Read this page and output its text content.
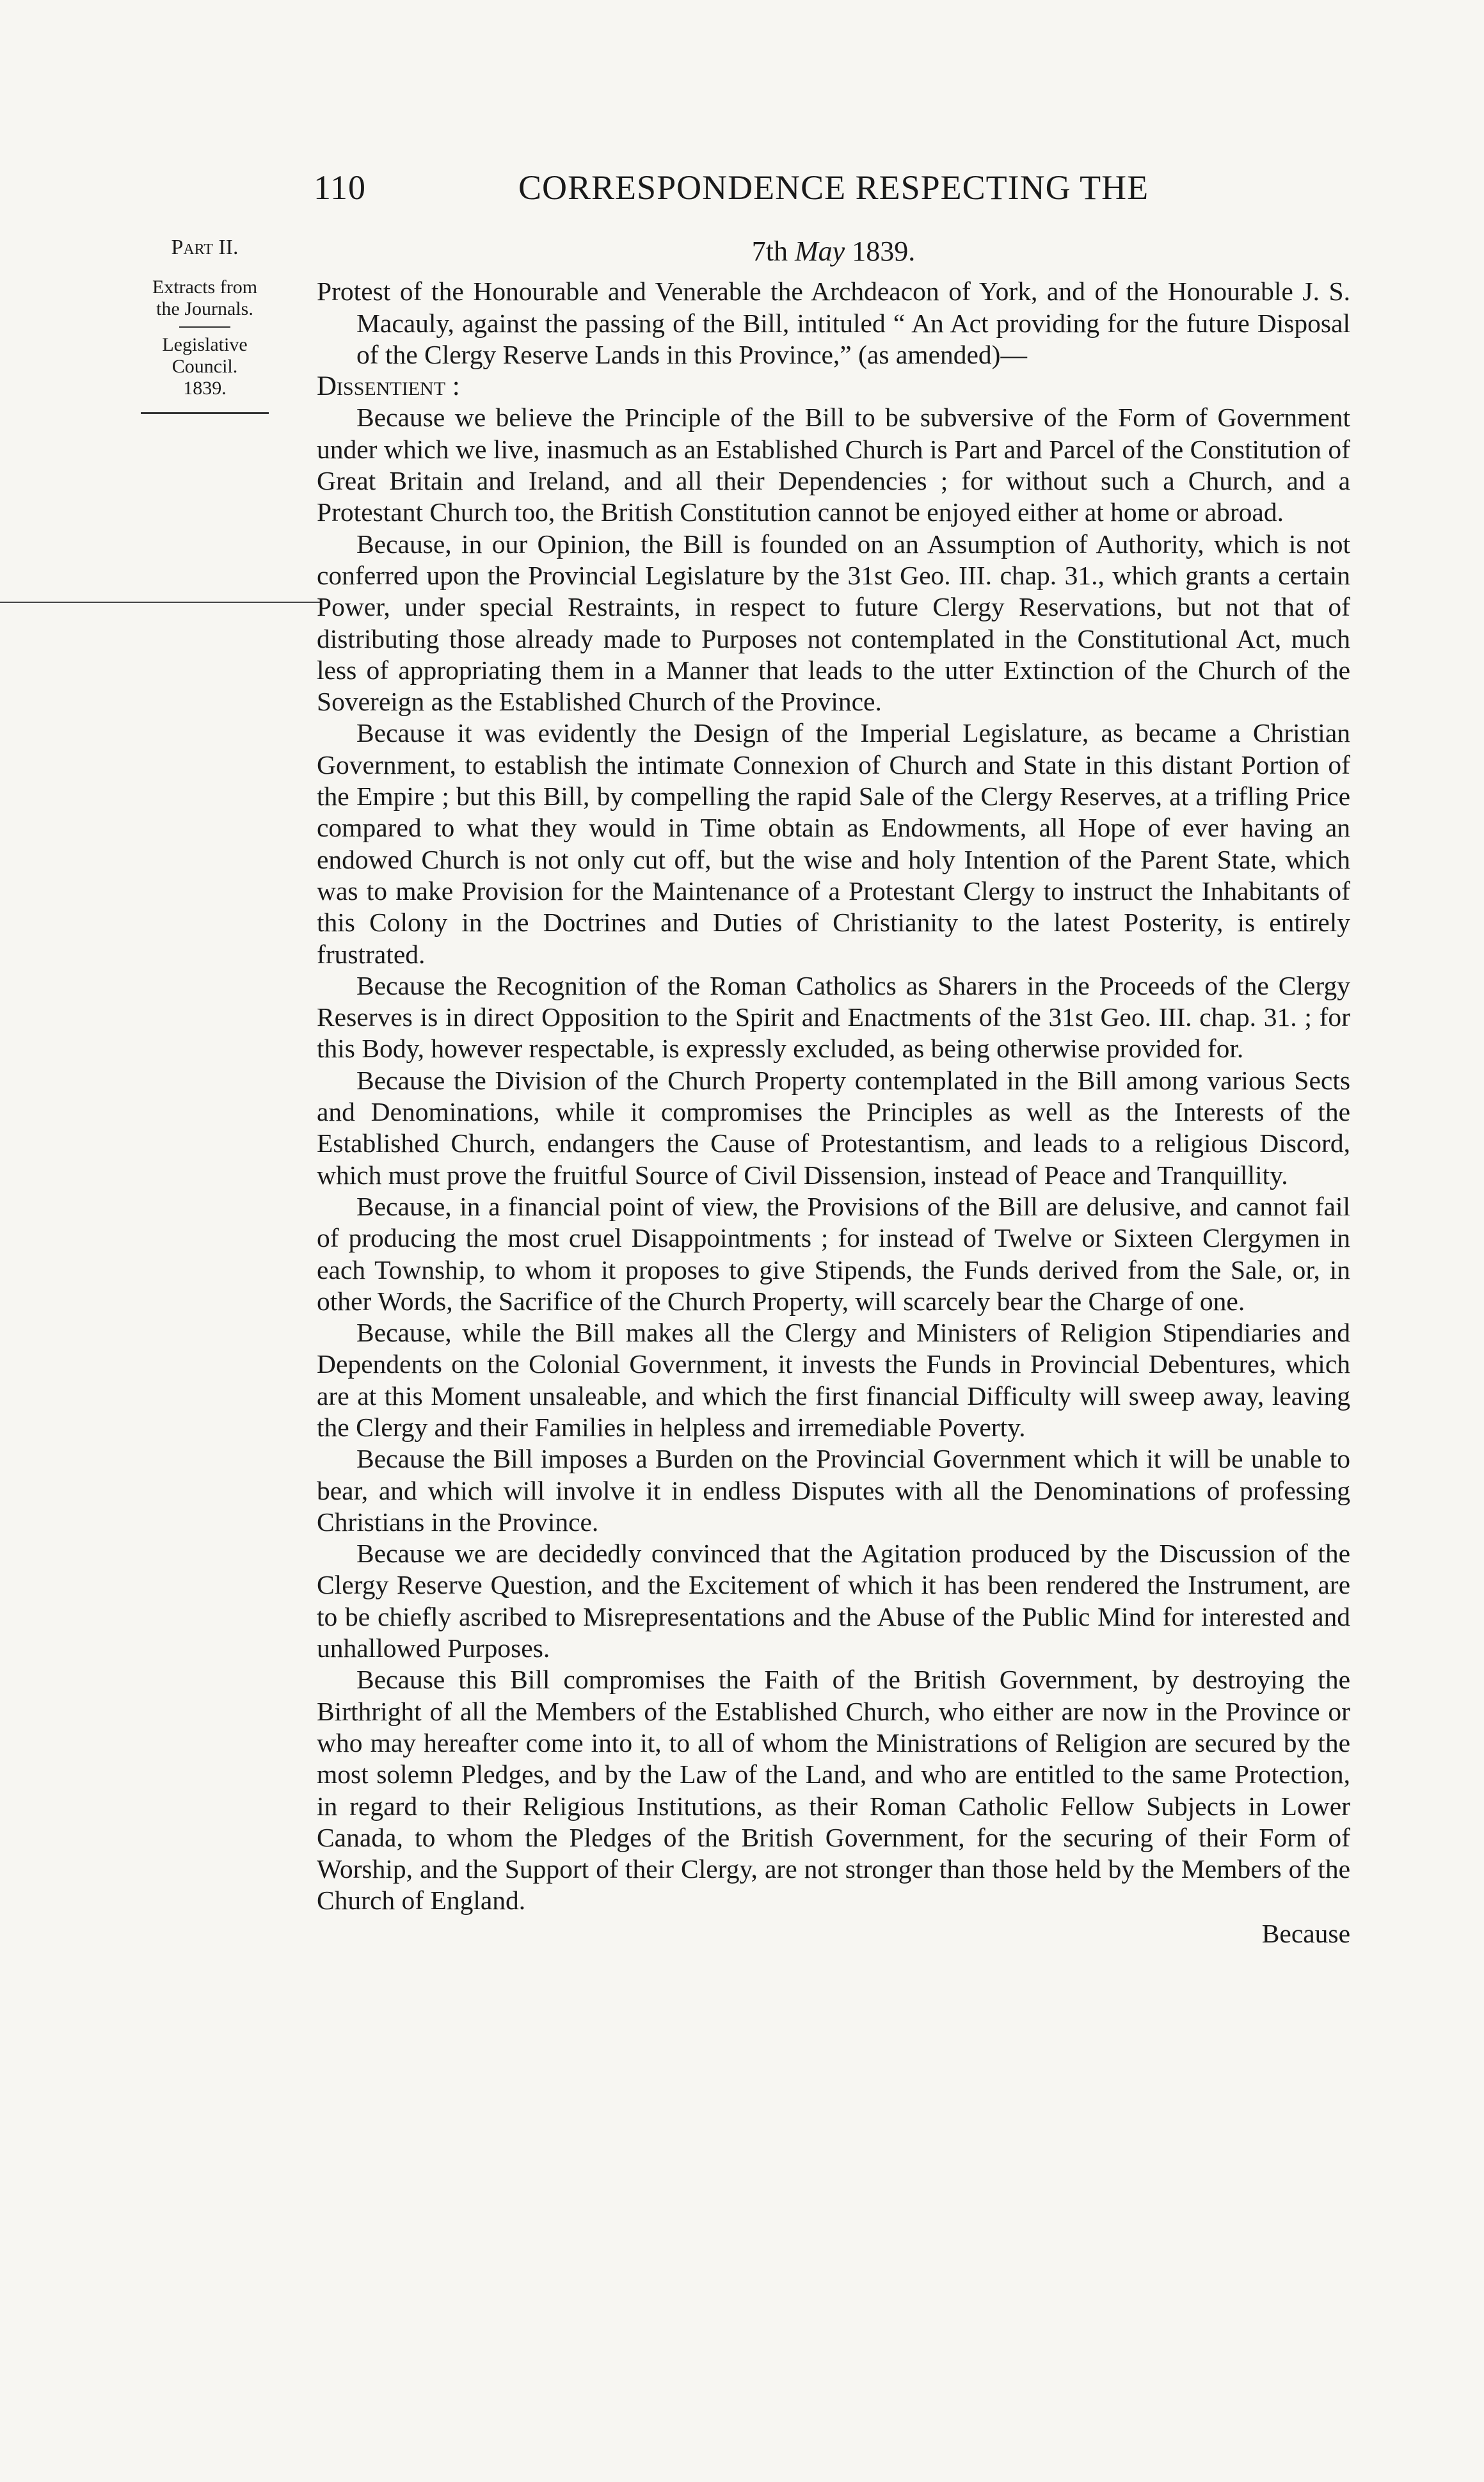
110	CORRESPONDENCE RESPECTING THE
Part II.
Extracts from
the Journals.
Legislative
Council.
1839.
7th May 1839.

Protest of the Honourable and Venerable the Archdeacon of York, and of the Honourable J. S. Macauly, against the passing of the Bill, intituled “ An Act providing for the future Disposal of the Clergy Reserve Lands in this Province,” (as amended)—

Dissentient :

Because we believe the Principle of the Bill to be subversive of the Form of Government under which we live, inasmuch as an Established Church is Part and Parcel of the Constitution of Great Britain and Ireland, and all their Dependencies ; for without such a Church, and a Protestant Church too, the British Constitution cannot be enjoyed either at home or abroad.

Because, in our Opinion, the Bill is founded on an Assumption of Authority, which is not conferred upon the Provincial Legislature by the 31st Geo. III. chap. 31., which grants a certain Power, under special Restraints, in respect to future Clergy Reservations, but not that of distributing those already made to Purposes not contemplated in the Constitutional Act, much less of appropriating them in a Manner that leads to the utter Extinction of the Church of the Sovereign as the Established Church of the Province.

Because it was evidently the Design of the Imperial Legislature, as became a Christian Government, to establish the intimate Connexion of Church and State in this distant Portion of the Empire ; but this Bill, by compelling the rapid Sale of the Clergy Reserves, at a trifling Price compared to what they would in Time obtain as Endowments, all Hope of ever having an endowed Church is not only cut off, but the wise and holy Intention of the Parent State, which was to make Provision for the Maintenance of a Protestant Clergy to instruct the Inhabitants of this Colony in the Doctrines and Duties of Christianity to the latest Posterity, is entirely frustrated.

Because the Recognition of the Roman Catholics as Sharers in the Proceeds of the Clergy Reserves is in direct Opposition to the Spirit and Enactments of the 31st Geo. III. chap. 31. ; for this Body, however respectable, is expressly excluded, as being otherwise provided for.

Because the Division of the Church Property contemplated in the Bill among various Sects and Denominations, while it compromises the Principles as well as the Interests of the Established Church, endangers the Cause of Protestantism, and leads to a religious Discord, which must prove the fruitful Source of Civil Dissension, instead of Peace and Tranquillity.

Because, in a financial point of view, the Provisions of the Bill are delusive, and cannot fail of producing the most cruel Disappointments ; for instead of Twelve or Sixteen Clergymen in each Township, to whom it proposes to give Stipends, the Funds derived from the Sale, or, in other Words, the Sacrifice of the Church Property, will scarcely bear the Charge of one.

Because, while the Bill makes all the Clergy and Ministers of Religion Stipendiaries and Dependents on the Colonial Government, it invests the Funds in Provincial Debentures, which are at this Moment unsaleable, and which the first financial Difficulty will sweep away, leaving the Clergy and their Families in helpless and irremediable Poverty.

Because the Bill imposes a Burden on the Provincial Government which it will be unable to bear, and which will involve it in endless Disputes with all the Denominations of professing Christians in the Province.

Because we are decidedly convinced that the Agitation produced by the Discussion of the Clergy Reserve Question, and the Excitement of which it has been rendered the Instrument, are to be chiefly ascribed to Misrepresentations and the Abuse of the Public Mind for interested and unhallowed Purposes.

Because this Bill compromises the Faith of the British Government, by destroying the Birthright of all the Members of the Established Church, who either are now in the Province or who may hereafter come into it, to all of whom the Ministrations of Religion are secured by the most solemn Pledges, and by the Law of the Land, and who are entitled to the same Protection, in regard to their Religious Institutions, as their Roman Catholic Fellow Subjects in Lower Canada, to whom the Pledges of the British Government, for the securing of their Form of Worship, and the Support of their Clergy, are not stronger than those held by the Members of the Church of England.

Because
